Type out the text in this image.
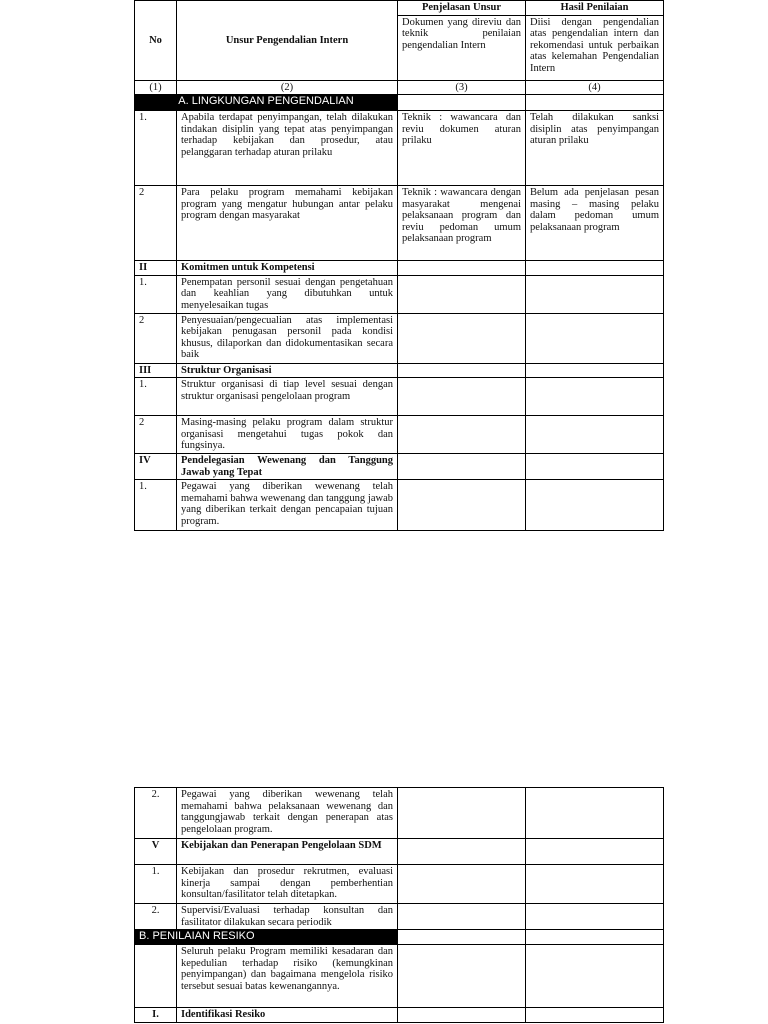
No	Unsur Pengendalian Intern	Penjelasan Unsur	Hasil Penilaian
		Dokumen yang direviu dan teknik penilaian pengendalian Intern	Diisi dengan pengendalian atas pengendalian intern dan rekomendasi untuk perbaikan atas kelemahan Pengendalian Intern
(1)	(2)	(3)	(4)
A. LINGKUNGAN PENGENDALIAN			
1.	Apabila terdapat penyimpangan, telah dilakukan tindakan disiplin yang tepat atas penyimpangan terhadap kebijakan dan prosedur, atau pelanggaran terhadap aturan prilaku	Teknik : wawancara dan reviu dokumen aturan prilaku	Telah dilakukan sanksi disiplin atas penyimpangan aturan prilaku
2	Para pelaku program memahami kebijakan program yang mengatur hubungan antar pelaku program dengan masyarakat	Teknik : wawancara dengan masyarakat mengenai pelaksanaan program dan reviu pedoman umum pelaksanaan program	Belum ada penjelasan pesan masing – masing pelaku dalam pedoman umum pelaksanaan program
II	Komitmen untuk Kompetensi		
1.	Penempatan personil sesuai dengan pengetahuan dan keahlian yang dibutuhkan untuk menyelesaikan tugas		
2	Penyesuaian/pengecualian atas implementasi kebijakan penugasan personil pada kondisi khusus, dilaporkan dan didokumentasikan secara baik		
III	Struktur Organisasi		
1.	Struktur organisasi di tiap level sesuai dengan struktur organisasi pengelolaan program		
2	Masing-masing pelaku program dalam struktur organisasi mengetahui tugas pokok dan fungsinya.		
IV	Pendelegasian Wewenang dan Tanggung Jawab yang Tepat		
1.	Pegawai yang diberikan wewenang telah memahami bahwa wewenang dan tanggung jawab yang diberikan terkait dengan pencapaian tujuan program.		
2.	Pegawai yang diberikan wewenang telah memahami bahwa pelaksanaan wewenang dan tanggungjawab terkait dengan penerapan atas pengelolaan program.		
V	Kebijakan dan Penerapan Pengelolaan SDM		
1.	Kebijakan dan prosedur rekrutmen, evaluasi kinerja sampai dengan pemberhentian konsultan/fasilitator telah ditetapkan.		
2.	Supervisi/Evaluasi terhadap konsultan dan fasilitator dilakukan secara periodik		
B. PENILAIAN RESIKO			
	Seluruh pelaku Program memiliki kesadaran dan kepedulian terhadap risiko (kemungkinan penyimpangan) dan bagaimana mengelola risiko tersebut sesuai batas kewenangannya.		
I.	Identifikasi Resiko		
